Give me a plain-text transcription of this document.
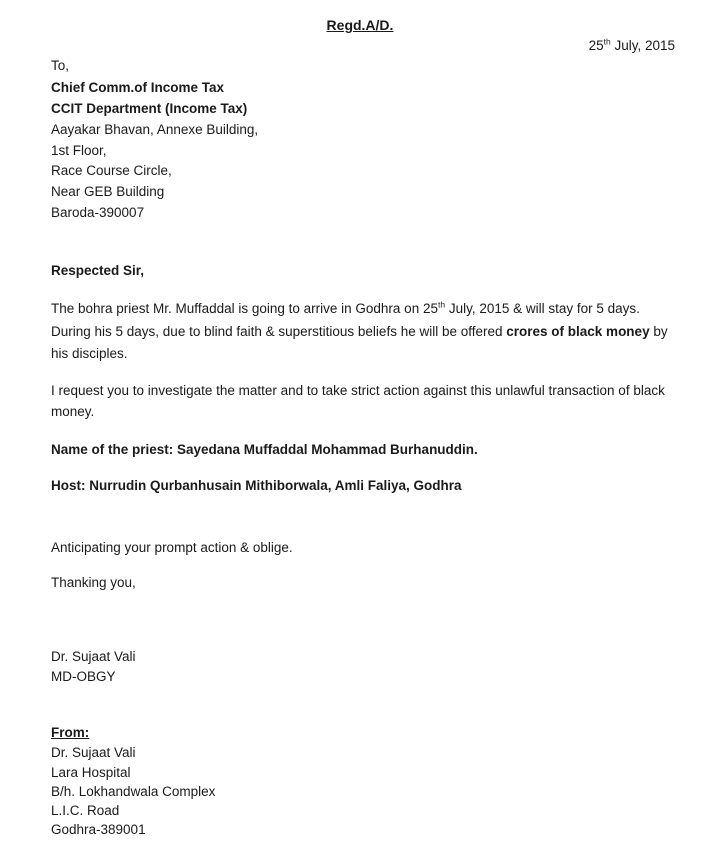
Regd.A/D.
25th July, 2015
To,
Chief Comm.of Income Tax
CCIT Department (Income Tax)
Aayakar Bhavan, Annexe Building,
1st Floor,
Race Course Circle,
Near GEB Building
Baroda-390007
Respected Sir,
The bohra priest Mr. Muffaddal is going to arrive in Godhra on 25th July, 2015 & will stay for 5 days.
During his 5 days, due to blind faith & superstitious beliefs he will be offered crores of black money by
his disciples.
I request you to investigate the matter and to take strict action against this unlawful transaction of black
money.
Name of the priest: Sayedana Muffaddal Mohammad Burhanuddin.
Host: Nurrudin Qurbanhusain Mithiborwala, Amli Faliya, Godhra
Anticipating your prompt action & oblige.
Thanking you,
Dr. Sujaat Vali
MD-OBGY
From:
Dr. Sujaat Vali
Lara Hospital
B/h. Lokhandwala Complex
L.I.C. Road
Godhra-389001
